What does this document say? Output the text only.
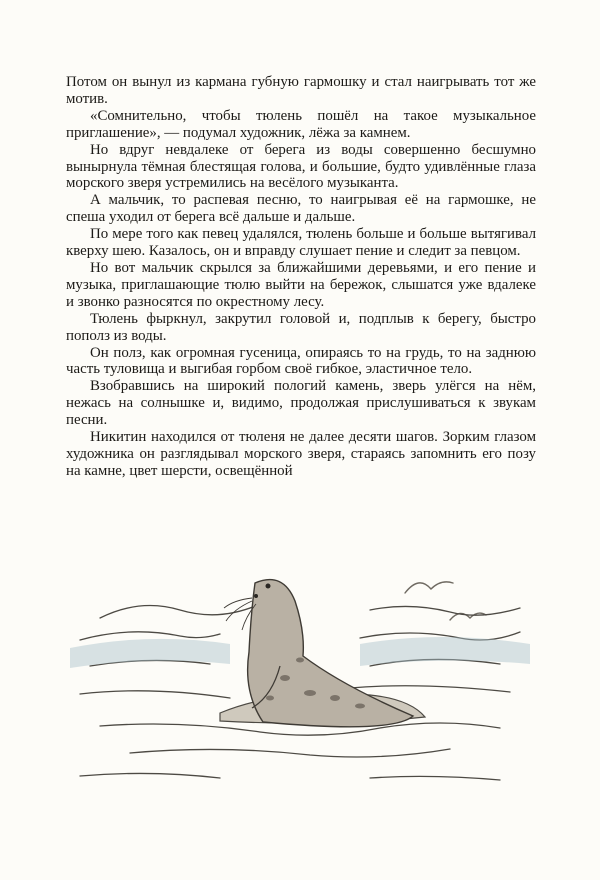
Потом он вынул из кармана губную гармошку и стал наигрывать тот же мотив.

«Сомнительно, чтобы тюлень пошёл на такое музыкальное приглашение», — подумал художник, лёжа за камнем.

Но вдруг невдалеке от берега из воды совершенно бесшумно вынырнула тёмная блестящая голова, и большие, будто удивлённые глаза морского зверя устремились на весёлого музыканта.

А мальчик, то распевая песню, то наигрывая её на гармошке, не спеша уходил от берега всё дальше и дальше.

По мере того как певец удалялся, тюлень больше и больше вытягивал кверху шею. Казалось, он и вправду слушает пение и следит за певцом.

Но вот мальчик скрылся за ближайшими деревьями, и его пение и музыка, приглашающие тюлю выйти на бережок, слышатся уже вдалеке и звонко разносятся по окрестному лесу.

Тюлень фыркнул, закрутил головой и, подплыв к берегу, быстро пополз из воды.

Он полз, как огромная гусеница, опираясь то на грудь, то на заднюю часть туловища и выгибая горбом своё гибкое, эластичное тело.

Взобравшись на широкий пологий камень, зверь улёгся на нём, нежась на солнышке и, видимо, продолжая прислушиваться к звукам песни.

Никитин находился от тюленя не далее десяти шагов. Зорким глазом художника он разглядывал морского зверя, стараясь запомнить его позу на камне, цвет шерсти, освещённой
